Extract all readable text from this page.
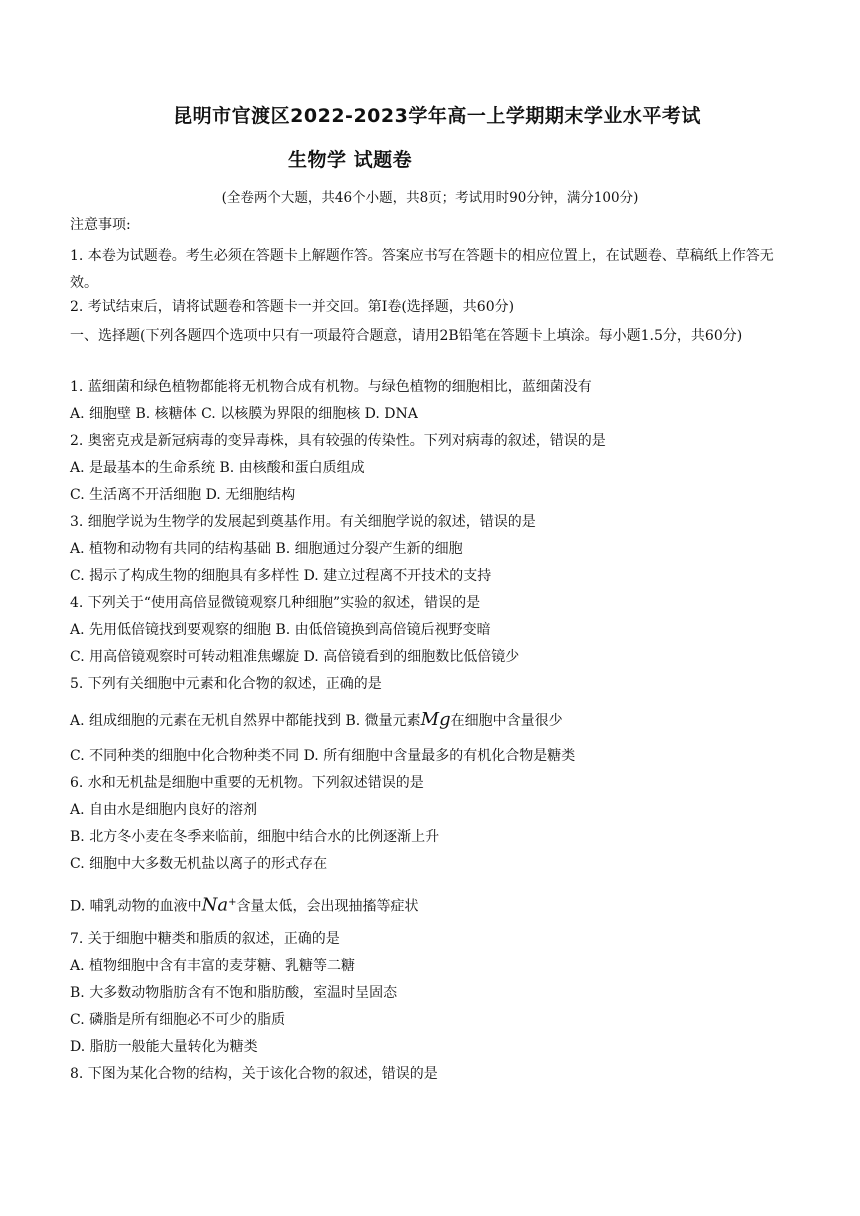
昆明市官渡区2022-2023学年高一上学期期末学业水平考试
生物学 试题卷
(全卷两个大题，共46个小题，共8页；考试用时90分钟，满分100分)
注意事项:
1. 本卷为试题卷。考生必须在答题卡上解题作答。答案应书写在答题卡的相应位置上，在试题卷、草稿纸上作答无效。
2. 考试结束后，请将试题卷和答题卡一并交回。第I卷(选择题，共60分)
一、选择题(下列各题四个选项中只有一项最符合题意，请用2B铅笔在答题卡上填涂。每小题1.5分，共60分)
1. 蓝细菌和绿色植物都能将无机物合成有机物。与绿色植物的细胞相比，蓝细菌没有
A. 细胞壁 B. 核糖体 C. 以核膜为界限的细胞核 D. DNA
2. 奥密克戎是新冠病毒的变异毒株，具有较强的传染性。下列对病毒的叙述，错误的是
A. 是最基本的生命系统 B. 由核酸和蛋白质组成
C. 生活离不开活细胞 D. 无细胞结构
3. 细胞学说为生物学的发展起到奠基作用。有关细胞学说的叙述，错误的是
A. 植物和动物有共同的结构基础 B. 细胞通过分裂产生新的细胞
C. 揭示了构成生物的细胞具有多样性 D. 建立过程离不开技术的支持
4. 下列关于“使用高倍显微镜观察几种细胞”实验的叙述，错误的是
A. 先用低倍镜找到要观察的细胞 B. 由低倍镜换到高倍镜后视野变暗
C. 用高倍镜观察时可转动粗准焦螺旋 D. 高倍镜看到的细胞数比低倍镜少
5. 下列有关细胞中元素和化合物的叙述，正确的是
A. 组成细胞的元素在无机自然界中都能找到 B. 微量元素Mg在细胞中含量很少
C. 不同种类的细胞中化合物种类不同 D. 所有细胞中含量最多的有机化合物是糖类
6. 水和无机盐是细胞中重要的无机物。下列叙述错误的是
A. 自由水是细胞内良好的溶剂
B. 北方冬小麦在冬季来临前，细胞中结合水的比例逐渐上升
C. 细胞中大多数无机盐以离子的形式存在
D. 哺乳动物的血液中Na+含量太低，会出现抽搐等症状
7. 关于细胞中糖类和脂质的叙述，正确的是
A. 植物细胞中含有丰富的麦芽糖、乳糖等二糖
B. 大多数动物脂肪含有不饱和脂肪酸，室温时呈固态
C. 磷脂是所有细胞必不可少的脂质
D. 脂肪一般能大量转化为糖类
8. 下图为某化合物的结构，关于该化合物的叙述，错误的是
